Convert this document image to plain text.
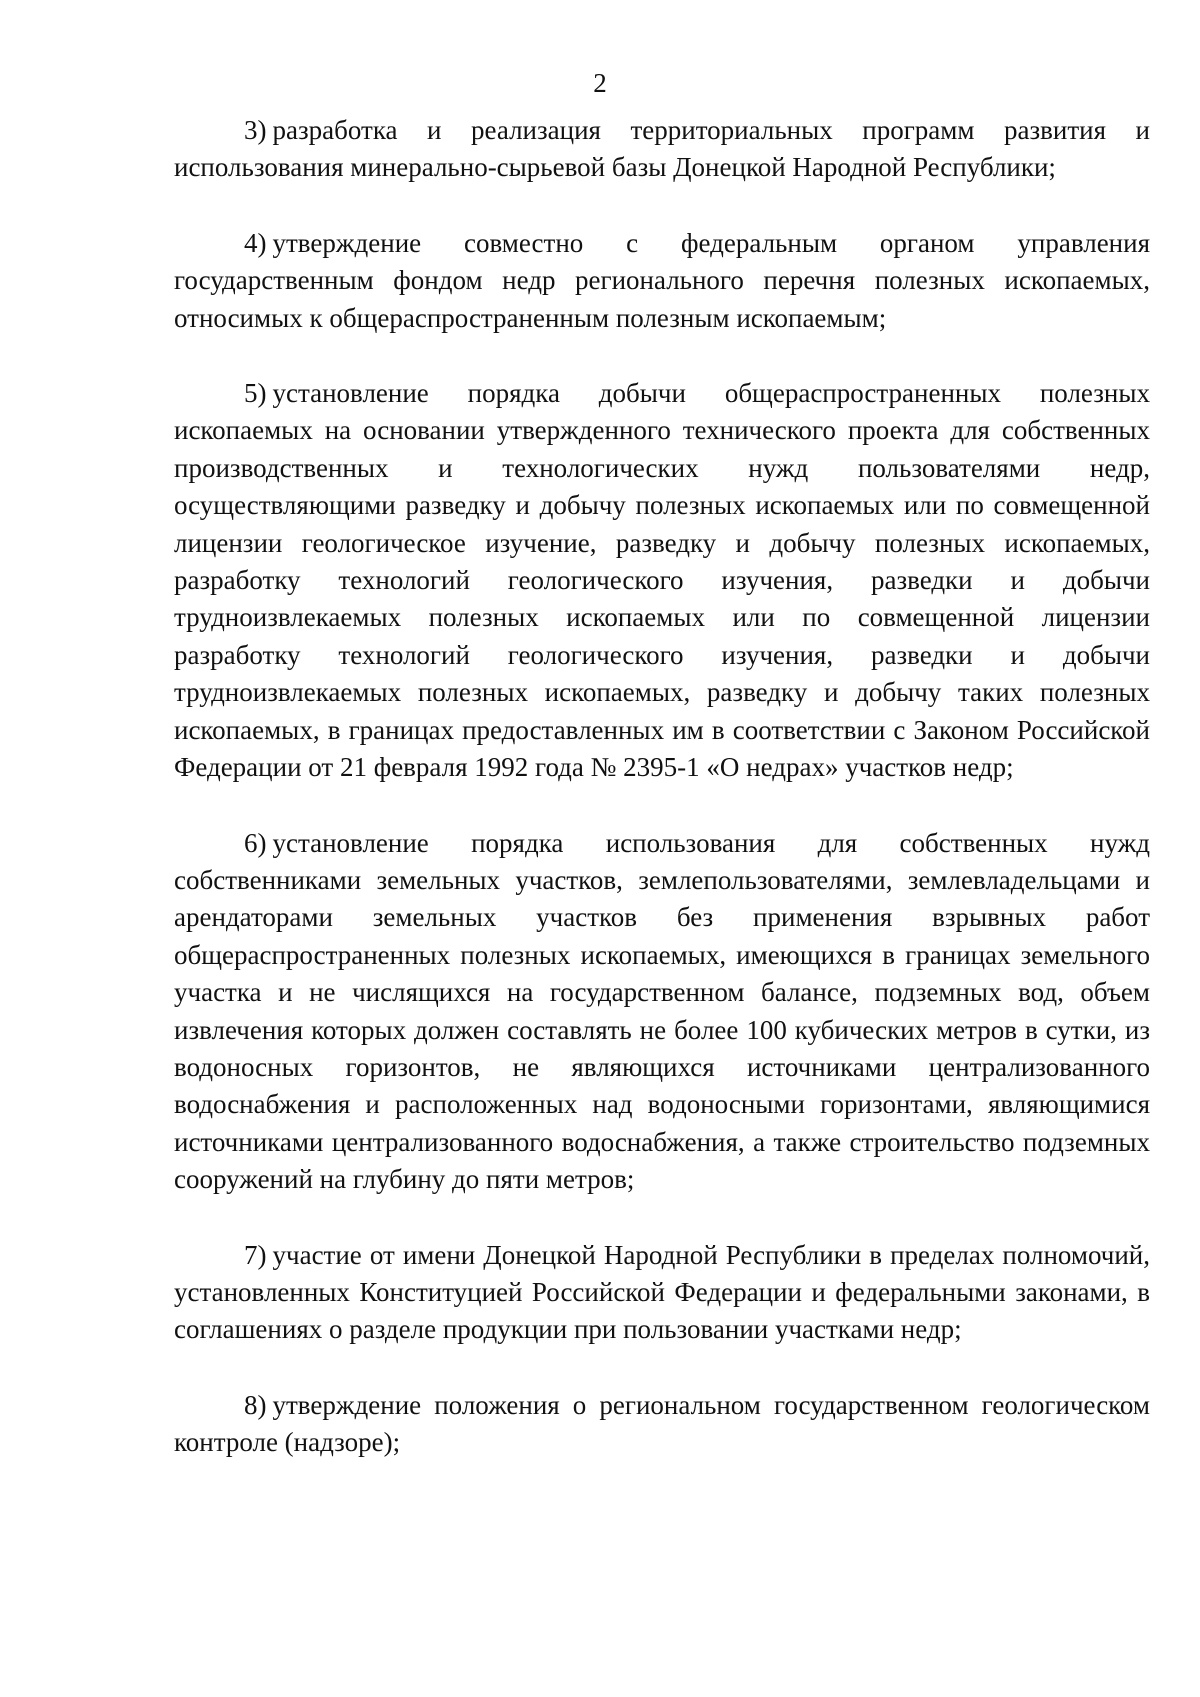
2

3) разработка и реализация территориальных программ развития и использования минерально-сырьевой базы Донецкой Народной Республики;

4) утверждение совместно с федеральным органом управления государственным фондом недр регионального перечня полезных ископаемых, относимых к общераспространенным полезным ископаемым;

5) установление порядка добычи общераспространенных полезных ископаемых на основании утвержденного технического проекта для собственных производственных и технологических нужд пользователями недр, осуществляющими разведку и добычу полезных ископаемых или по совмещенной лицензии геологическое изучение, разведку и добычу полезных ископаемых, разработку технологий геологического изучения, разведки и добычи трудноизвлекаемых полезных ископаемых или по совмещенной лицензии разработку технологий геологического изучения, разведки и добычи трудноизвлекаемых полезных ископаемых, разведку и добычу таких полезных ископаемых, в границах предоставленных им в соответствии с Законом Российской Федерации от 21 февраля 1992 года № 2395-1 «О недрах» участков недр;

6) установление порядка использования для собственных нужд собственниками земельных участков, землепользователями, землевладельцами и арендаторами земельных участков без применения взрывных работ общераспространенных полезных ископаемых, имеющихся в границах земельного участка и не числящихся на государственном балансе, подземных вод, объем извлечения которых должен составлять не более 100 кубических метров в сутки, из водоносных горизонтов, не являющихся источниками централизованного водоснабжения и расположенных над водоносными горизонтами, являющимися источниками централизованного водоснабжения, а также строительство подземных сооружений на глубину до пяти метров;

7) участие от имени Донецкой Народной Республики в пределах полномочий, установленных Конституцией Российской Федерации и федеральными законами, в соглашениях о разделе продукции при пользовании участками недр;

8) утверждение положения о региональном государственном геологическом контроле (надзоре);
